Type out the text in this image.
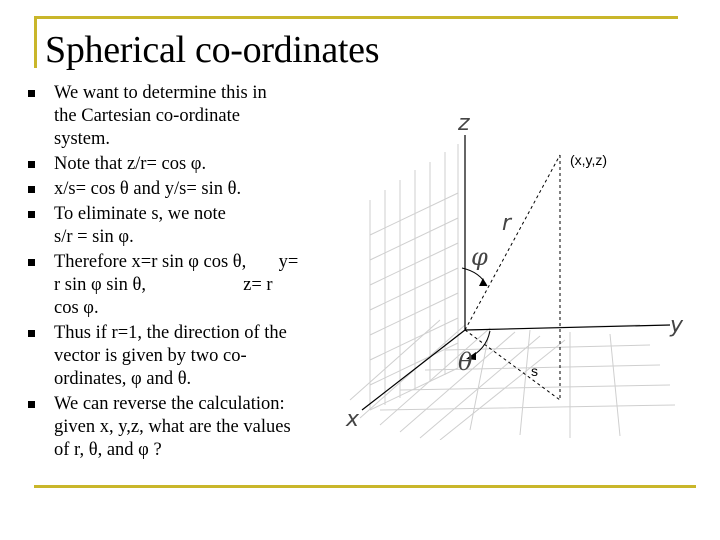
Spherical co-ordinates
We want to determine this in
the Cartesian co-ordinate
system.
Note that z/r= cos φ.
x/s= cos θ and y/s= sin θ.
To eliminate s, we note
s/r = sin φ.
Therefore x=r sin φ cos θ,       y=
r sin φ sin θ,                     z= r
cos φ.
Thus if r=1, the direction of the
vector is given by two co-
ordinates, φ and θ.
We can reverse the calculation:
given x, y,z, what are the values
of r, θ, and φ ?
z
y
x
(x,y,z)
r
φ
θ	s
